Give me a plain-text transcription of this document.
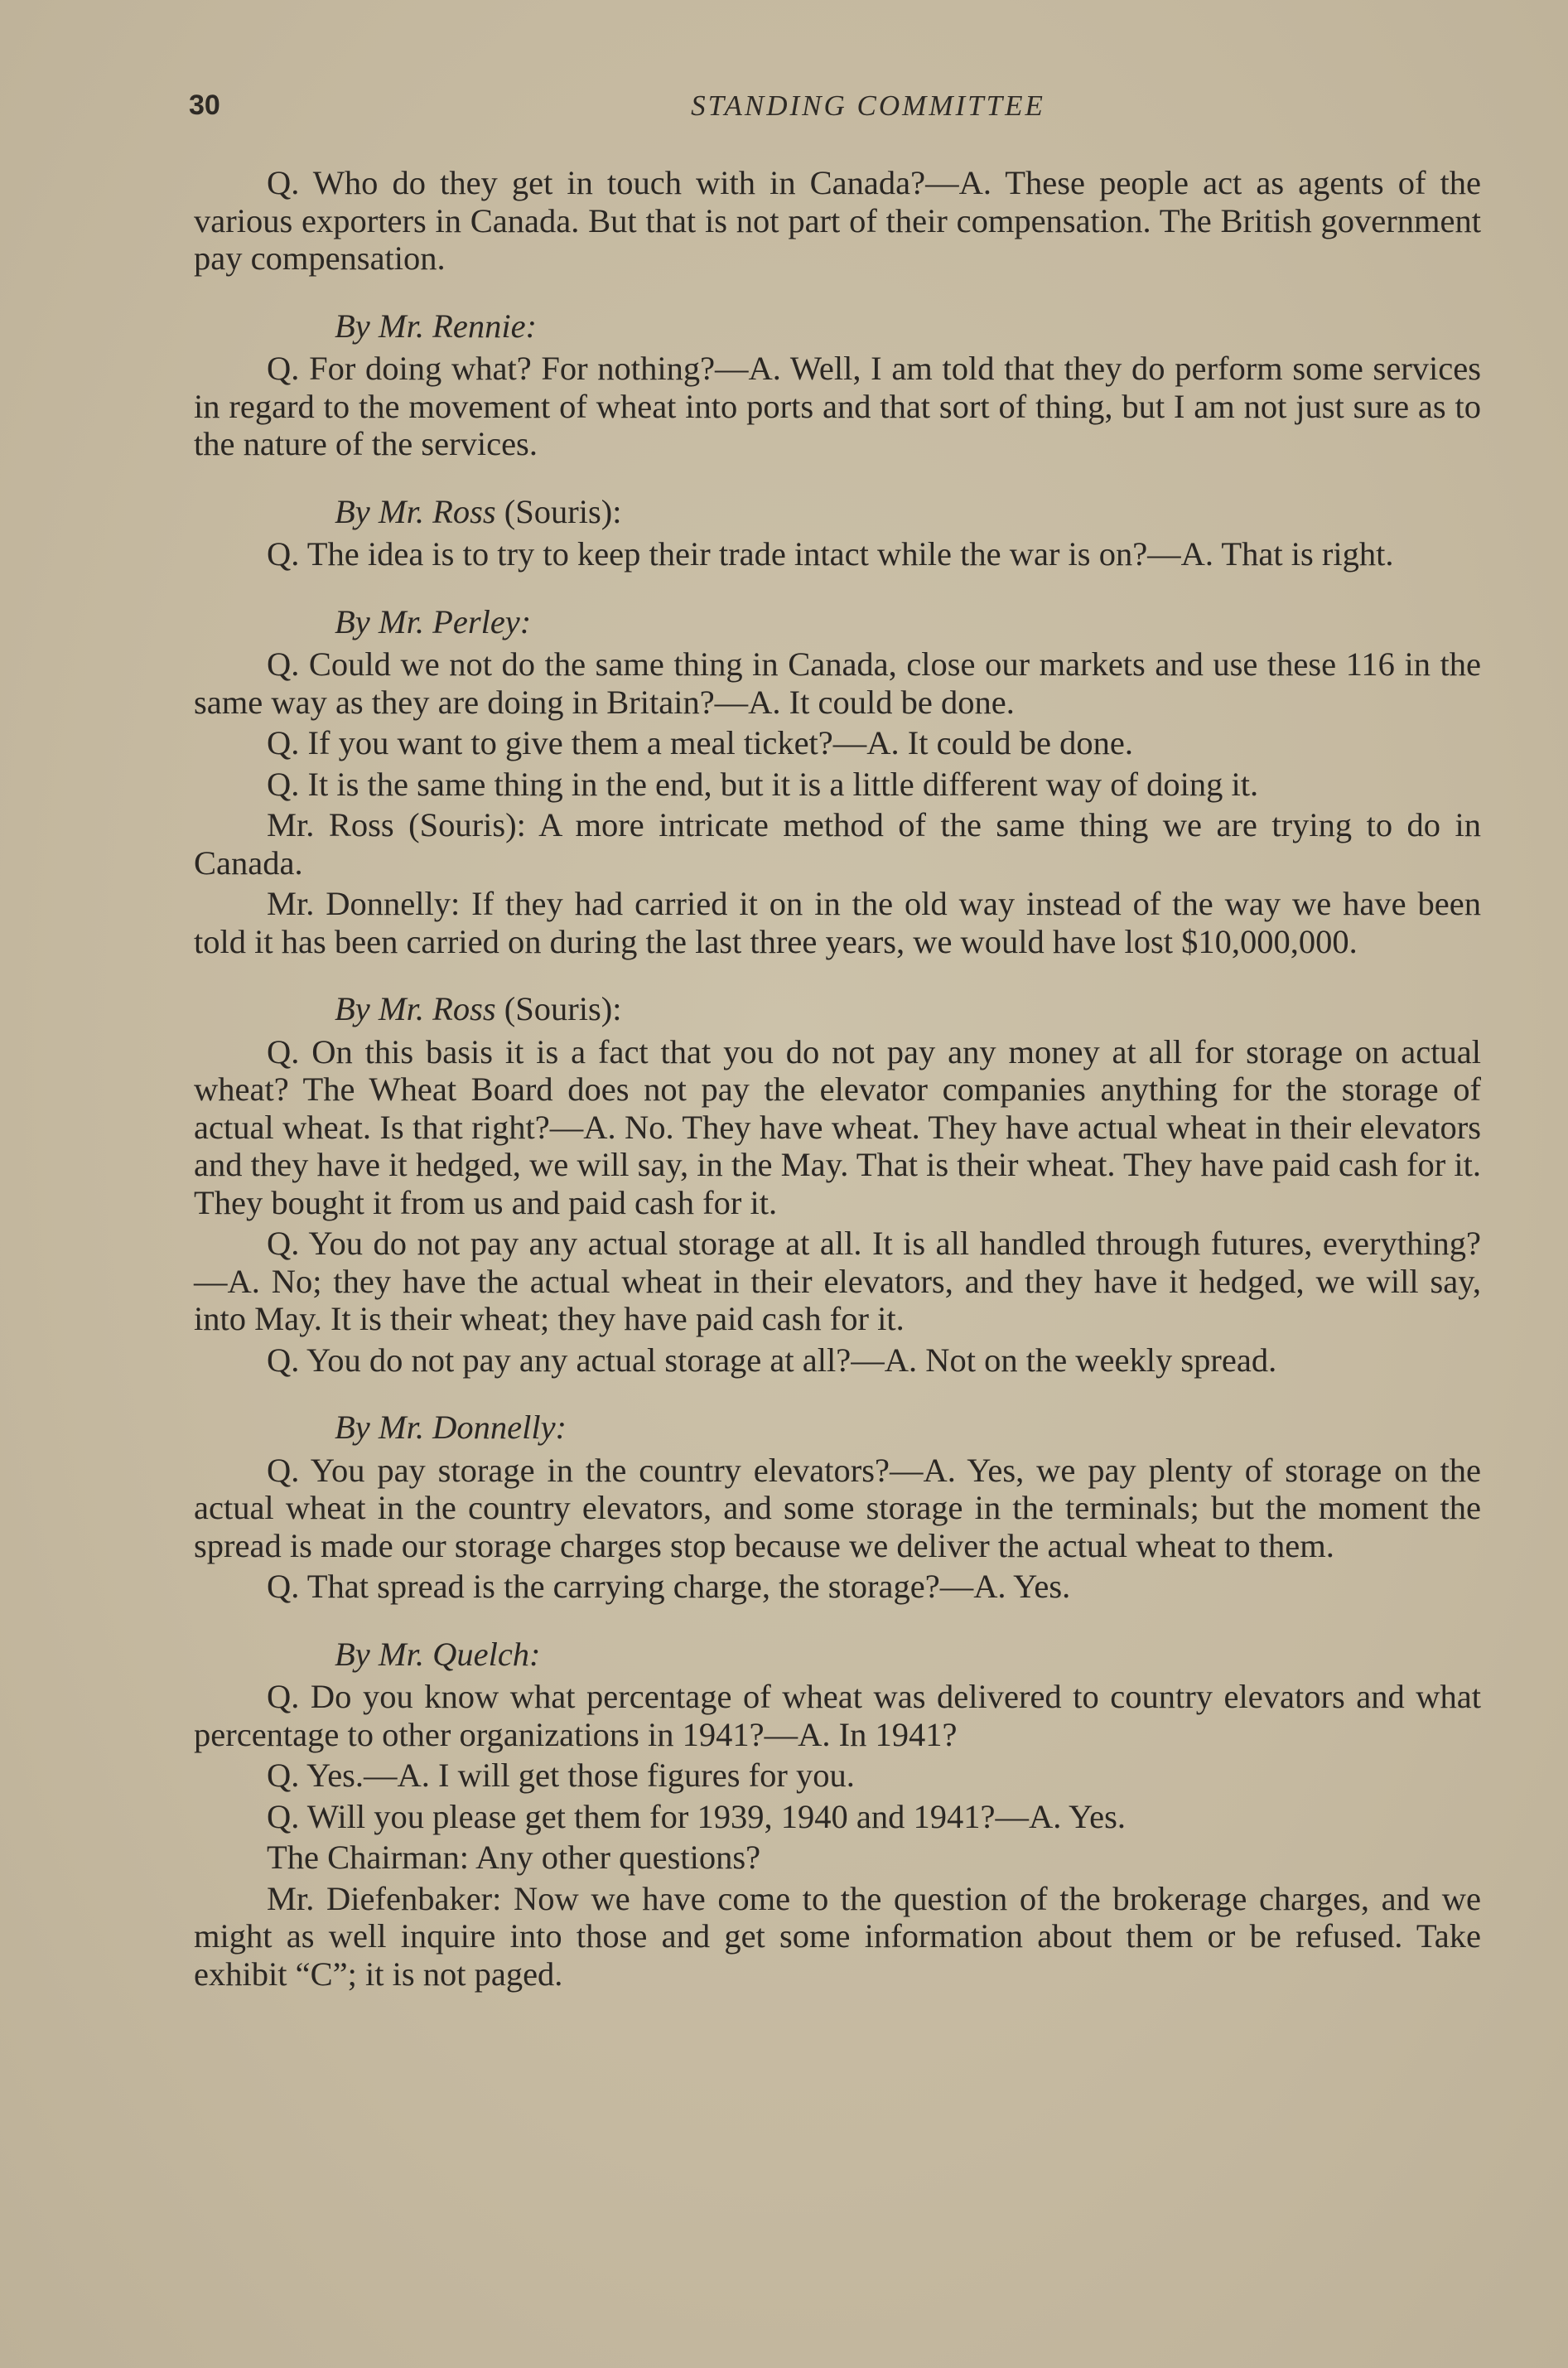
30	STANDING COMMITTEE

Q. Who do they get in touch with in Canada?—A. These people act as agents of the various exporters in Canada. But that is not part of their compensation. The British government pay compensation.

By Mr. Rennie:

Q. For doing what? For nothing?—A. Well, I am told that they do perform some services in regard to the movement of wheat into ports and that sort of thing, but I am not just sure as to the nature of the services.

By Mr. Ross (Souris):

Q. The idea is to try to keep their trade intact while the war is on?—A. That is right.

By Mr. Perley:

Q. Could we not do the same thing in Canada, close our markets and use these 116 in the same way as they are doing in Britain?—A. It could be done.

Q. If you want to give them a meal ticket?—A. It could be done.

Q. It is the same thing in the end, but it is a little different way of doing it.

Mr. Ross (Souris): A more intricate method of the same thing we are trying to do in Canada.

Mr. Donnelly: If they had carried it on in the old way instead of the way we have been told it has been carried on during the last three years, we would have lost $10,000,000.

By Mr. Ross (Souris):

Q. On this basis it is a fact that you do not pay any money at all for storage on actual wheat? The Wheat Board does not pay the elevator companies anything for the storage of actual wheat. Is that right?—A. No. They have wheat. They have actual wheat in their elevators and they have it hedged, we will say, in the May. That is their wheat. They have paid cash for it. They bought it from us and paid cash for it.

Q. You do not pay any actual storage at all. It is all handled through futures, everything?—A. No; they have the actual wheat in their elevators, and they have it hedged, we will say, into May. It is their wheat; they have paid cash for it.

Q. You do not pay any actual storage at all?—A. Not on the weekly spread.

By Mr. Donnelly:

Q. You pay storage in the country elevators?—A. Yes, we pay plenty of storage on the actual wheat in the country elevators, and some storage in the terminals; but the moment the spread is made our storage charges stop because we deliver the actual wheat to them.

Q. That spread is the carrying charge, the storage?—A. Yes.

By Mr. Quelch:

Q. Do you know what percentage of wheat was delivered to country elevators and what percentage to other organizations in 1941?—A. In 1941?

Q. Yes.—A. I will get those figures for you.

Q. Will you please get them for 1939, 1940 and 1941?—A. Yes.

The Chairman: Any other questions?

Mr. Diefenbaker: Now we have come to the question of the brokerage charges, and we might as well inquire into those and get some information about them or be refused. Take exhibit “C”; it is not paged.
